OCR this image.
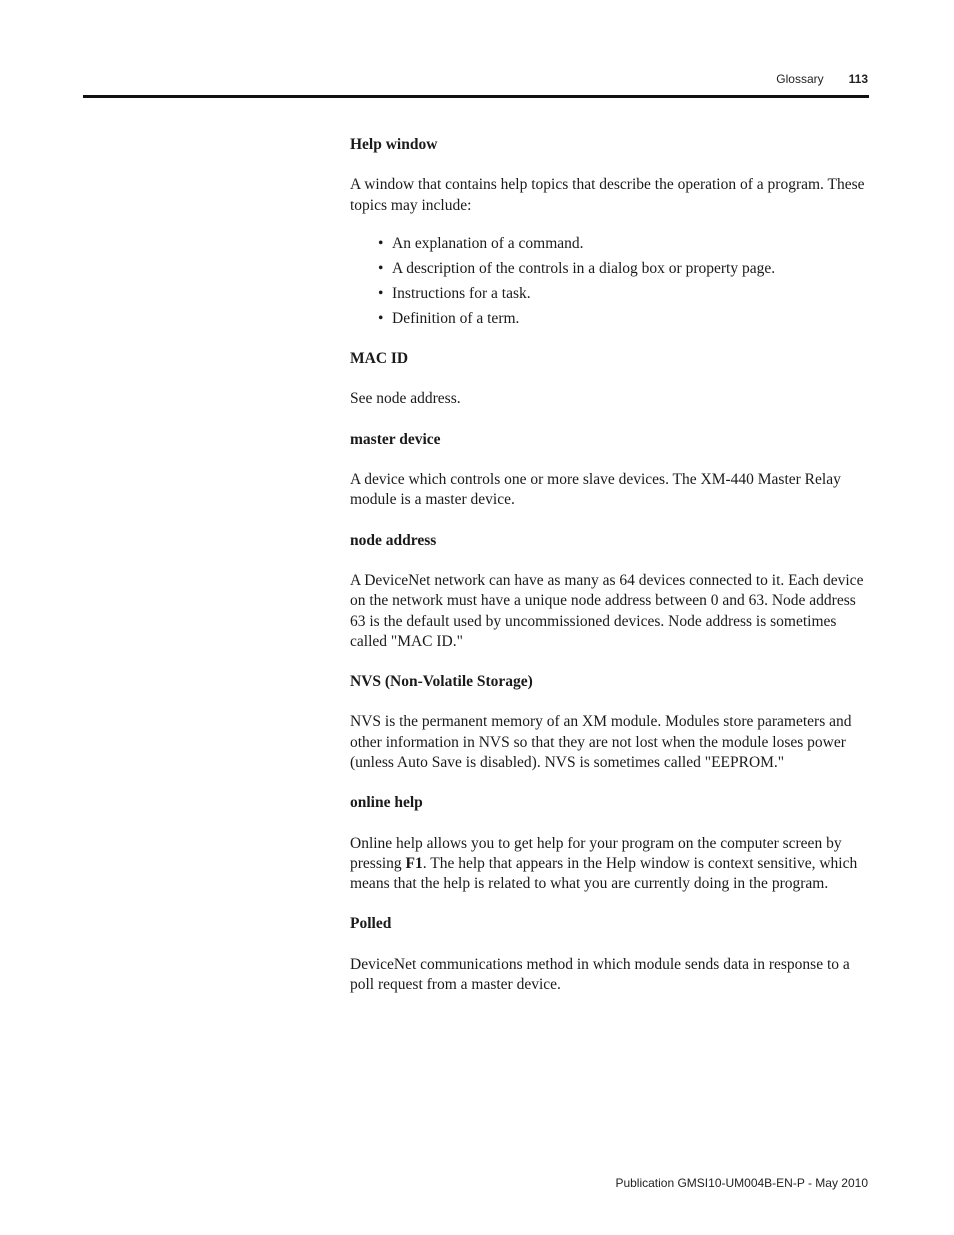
Glossary 113

Help window

A window that contains help topics that describe the operation of a program. These topics may include:

• An explanation of a command.
• A description of the controls in a dialog box or property page.
• Instructions for a task.
• Definition of a term.

MAC ID

See node address.

master device

A device which controls one or more slave devices. The XM-440 Master Relay module is a master device.

node address

A DeviceNet network can have as many as 64 devices connected to it. Each device on the network must have a unique node address between 0 and 63. Node address 63 is the default used by uncommissioned devices. Node address is sometimes called "MAC ID."

NVS (Non-Volatile Storage)

NVS is the permanent memory of an XM module. Modules store parameters and other information in NVS so that they are not lost when the module loses power (unless Auto Save is disabled). NVS is sometimes called "EEPROM."

online help

Online help allows you to get help for your program on the computer screen by pressing F1. The help that appears in the Help window is context sensitive, which means that the help is related to what you are currently doing in the program.

Polled

DeviceNet communications method in which module sends data in response to a poll request from a master device.

Publication GMSI10-UM004B-EN-P - May 2010
